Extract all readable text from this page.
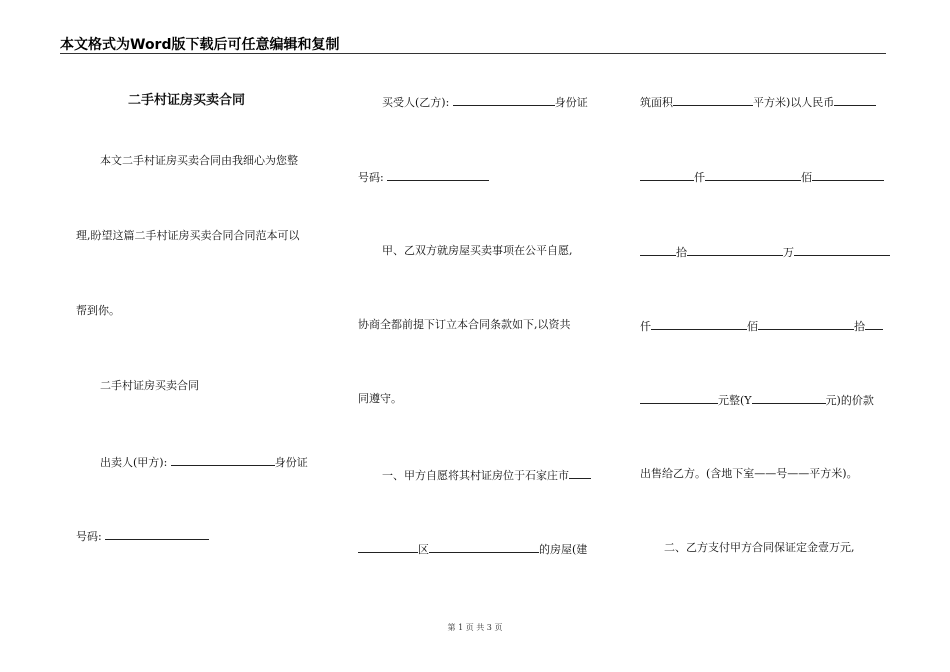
本文格式为Word版下载后可任意编辑和复制
二手村证房买卖合同
本文二手村证房买卖合同由我细心为您整
理,盼望这篇二手村证房买卖合同合同范本可以
帮到你。
二手村证房买卖合同
出卖人(甲方):	身份证
号码:
买受人(乙方):	身份证
号码:
甲、乙双方就房屋买卖事项在公平自愿,
协商全都前提下订立本合同条款如下,以资共
同遵守。
一、甲方自愿将其村证房位于石家庄市
区	的房屋(建
筑面积	平方米)以人民币
仟	佰
拾	万
仟	佰	拾
元整(Y	元)的价款
出售给乙方。(含地下室——号——平方米)。
二、乙方支付甲方合同保证定金壹万元,
第 1 页 共 3 页
